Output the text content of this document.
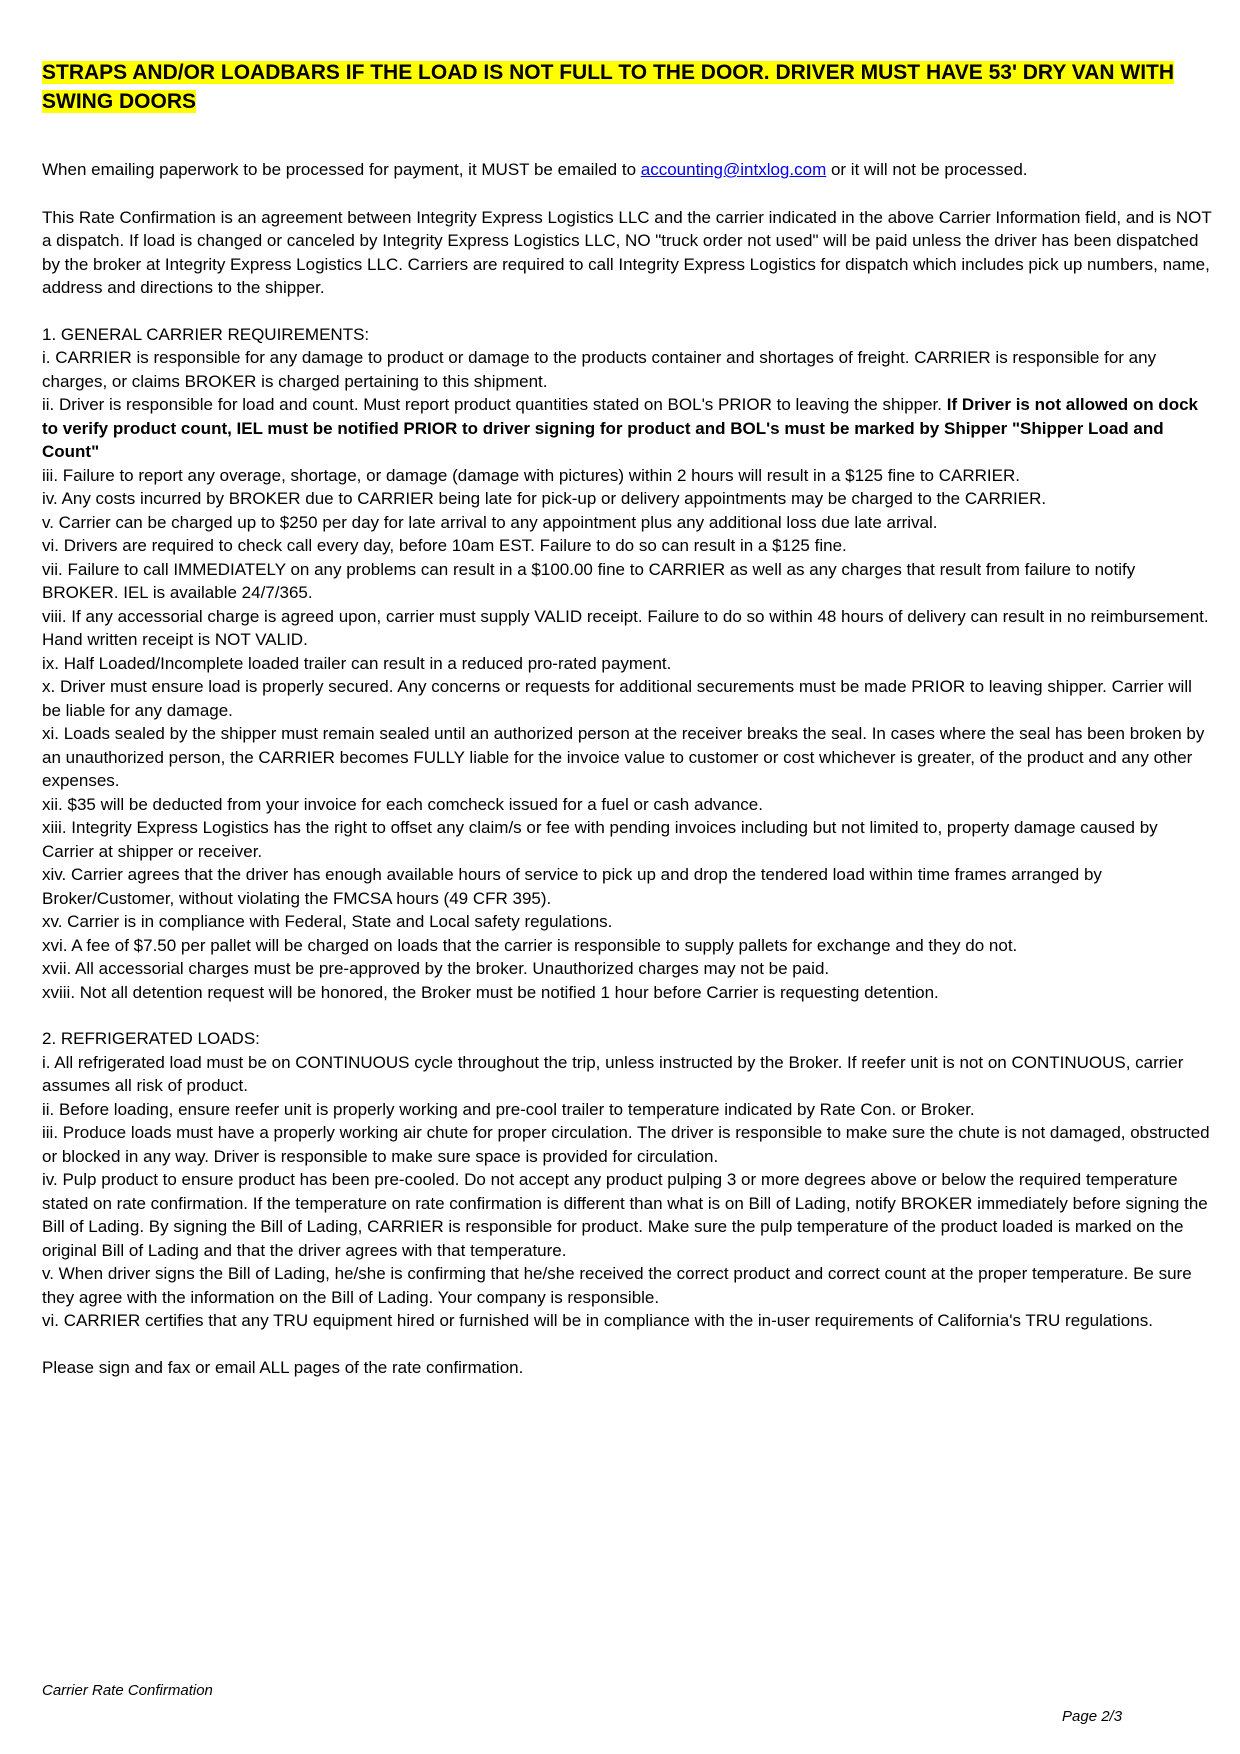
STRAPS AND/OR LOADBARS IF THE LOAD IS NOT FULL TO THE DOOR. DRIVER MUST HAVE 53' DRY VAN WITH SWING DOORS

When emailing paperwork to be processed for payment, it MUST be emailed to accounting@intxlog.com or it will not be processed.

This Rate Confirmation is an agreement between Integrity Express Logistics LLC and the carrier indicated in the above Carrier Information field, and is NOT a dispatch. If load is changed or canceled by Integrity Express Logistics LLC, NO "truck order not used" will be paid unless the driver has been dispatched by the broker at Integrity Express Logistics LLC. Carriers are required to call Integrity Express Logistics for dispatch which includes pick up numbers, name, address and directions to the shipper.

1. GENERAL CARRIER REQUIREMENTS:

i. CARRIER is responsible for any damage to product or damage to the products container and shortages of freight. CARRIER is responsible for any charges, or claims BROKER is charged pertaining to this shipment.

ii. Driver is responsible for load and count. Must report product quantities stated on BOL's PRIOR to leaving the shipper. If Driver is not allowed on dock to verify product count, IEL must be notified PRIOR to driver signing for product and BOL's must be marked by Shipper "Shipper Load and Count"

iii. Failure to report any overage, shortage, or damage (damage with pictures) within 2 hours will result in a $125 fine to CARRIER.

iv. Any costs incurred by BROKER due to CARRIER being late for pick-up or delivery appointments may be charged to the CARRIER.

v. Carrier can be charged up to $250 per day for late arrival to any appointment plus any additional loss due late arrival.

vi. Drivers are required to check call every day, before 10am EST. Failure to do so can result in a $125 fine.

vii. Failure to call IMMEDIATELY on any problems can result in a $100.00 fine to CARRIER as well as any charges that result from failure to notify BROKER. IEL is available 24/7/365.

viii. If any accessorial charge is agreed upon, carrier must supply VALID receipt. Failure to do so within 48 hours of delivery can result in no reimbursement. Hand written receipt is NOT VALID.

ix. Half Loaded/Incomplete loaded trailer can result in a reduced pro-rated payment.

x. Driver must ensure load is properly secured. Any concerns or requests for additional securements must be made PRIOR to leaving shipper. Carrier will be liable for any damage.

xi. Loads sealed by the shipper must remain sealed until an authorized person at the receiver breaks the seal. In cases where the seal has been broken by an unauthorized person, the CARRIER becomes FULLY liable for the invoice value to customer or cost whichever is greater, of the product and any other expenses.

xii. $35 will be deducted from your invoice for each comcheck issued for a fuel or cash advance.

xiii. Integrity Express Logistics has the right to offset any claim/s or fee with pending invoices including but not limited to, property damage caused by Carrier at shipper or receiver.

xiv. Carrier agrees that the driver has enough available hours of service to pick up and drop the tendered load within time frames arranged by Broker/Customer, without violating the FMCSA hours (49 CFR 395).

xv. Carrier is in compliance with Federal, State and Local safety regulations.

xvi. A fee of $7.50 per pallet will be charged on loads that the carrier is responsible to supply pallets for exchange and they do not.

xvii. All accessorial charges must be pre-approved by the broker. Unauthorized charges may not be paid.

xviii. Not all detention request will be honored, the Broker must be notified 1 hour before Carrier is requesting detention.

2. REFRIGERATED LOADS:

i. All refrigerated load must be on CONTINUOUS cycle throughout the trip, unless instructed by the Broker. If reefer unit is not on CONTINUOUS, carrier assumes all risk of product.

ii. Before loading, ensure reefer unit is properly working and pre-cool trailer to temperature indicated by Rate Con. or Broker.

iii. Produce loads must have a properly working air chute for proper circulation. The driver is responsible to make sure the chute is not damaged, obstructed or blocked in any way. Driver is responsible to make sure space is provided for circulation.

iv. Pulp product to ensure product has been pre-cooled. Do not accept any product pulping 3 or more degrees above or below the required temperature stated on rate confirmation. If the temperature on rate confirmation is different than what is on Bill of Lading, notify BROKER immediately before signing the Bill of Lading. By signing the Bill of Lading, CARRIER is responsible for product. Make sure the pulp temperature of the product loaded is marked on the original Bill of Lading and that the driver agrees with that temperature.

v. When driver signs the Bill of Lading, he/she is confirming that he/she received the correct product and correct count at the proper temperature. Be sure they agree with the information on the Bill of Lading. Your company is responsible.

vi. CARRIER certifies that any TRU equipment hired or furnished will be in compliance with the in-user requirements of California's TRU regulations.

Please sign and fax or email ALL pages of the rate confirmation.

Carrier Rate Confirmation
Page 2/3
